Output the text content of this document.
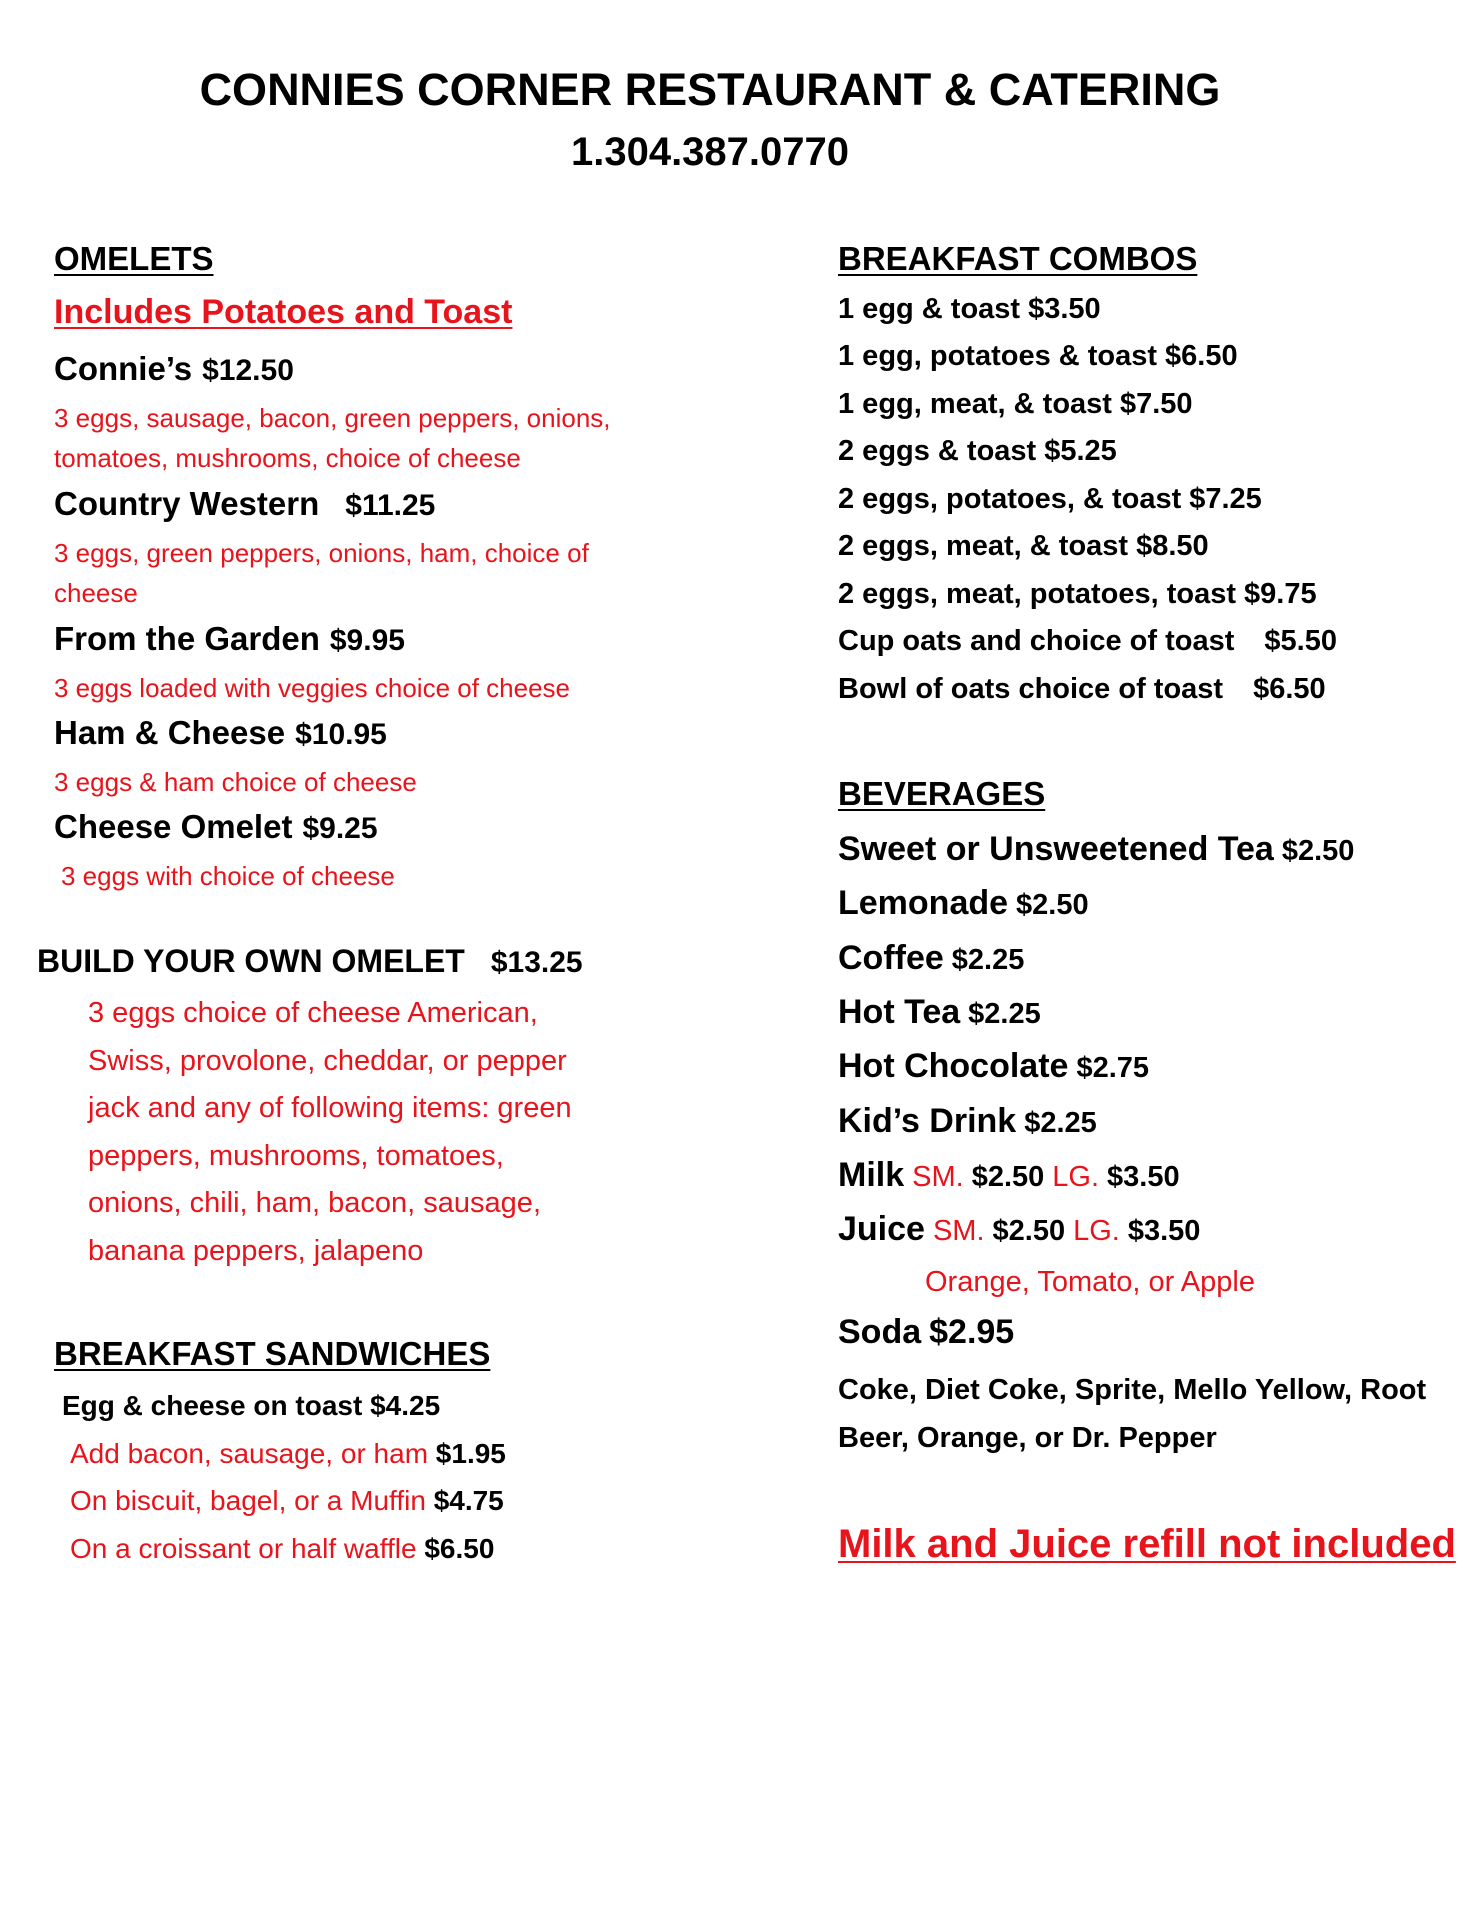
CONNIES CORNER RESTAURANT & CATERING
1.304.387.0770
OMELETS
Includes Potatoes and Toast
Connie’s $12.50
3 eggs, sausage, bacon, green peppers, onions,
tomatoes, mushrooms, choice of cheese
Country Western $11.25
3 eggs, green peppers, onions, ham, choice of
cheese
From the Garden $9.95
3 eggs loaded with veggies choice of cheese
Ham & Cheese $10.95
3 eggs & ham choice of cheese
Cheese Omelet $9.25
3 eggs with choice of cheese
BUILD YOUR OWN OMELET $13.25
3 eggs choice of cheese American,
Swiss, provolone, cheddar, or pepper
jack and any of following items: green
peppers, mushrooms, tomatoes,
onions, chili, ham, bacon, sausage,
banana peppers, jalapeno
BREAKFAST SANDWICHES
Egg & cheese on toast $4.25
Add bacon, sausage, or ham $1.95
On biscuit, bagel, or a Muffin $4.75
On a croissant or half waffle $6.50
BREAKFAST COMBOS
1 egg & toast $3.50
1 egg, potatoes & toast $6.50
1 egg, meat, & toast $7.50
2 eggs & toast $5.25
2 eggs, potatoes, & toast $7.25
2 eggs, meat, & toast $8.50
2 eggs, meat, potatoes, toast $9.75
Cup oats and choice of toast $5.50
Bowl of oats choice of toast $6.50
BEVERAGES
Sweet or Unsweetened Tea $2.50
Lemonade $2.50
Coffee $2.25
Hot Tea $2.25
Hot Chocolate $2.75
Kid’s Drink $2.25
Milk SM. $2.50 LG. $3.50
Juice SM. $2.50 LG. $3.50
Orange, Tomato, or Apple
Soda $2.95
Coke, Diet Coke, Sprite, Mello Yellow, Root
Beer, Orange, or Dr. Pepper
Milk and Juice refill not included
